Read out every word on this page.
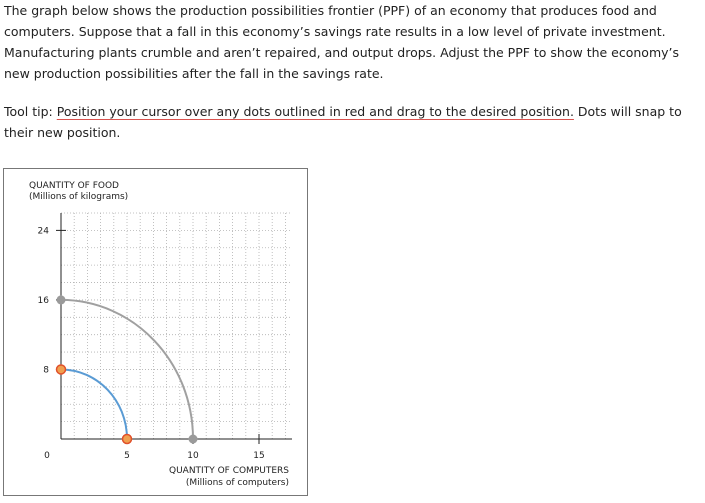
The graph below shows the production possibilities frontier (PPF) of an economy that produces food and computers. Suppose that a fall in this economy’s savings rate results in a low level of private investment. Manufacturing plants crumble and aren’t repaired, and output drops. Adjust the PPF to show the economy’s new production possibilities after the fall in the savings rate.

Tool tip: Position your cursor over any dots outlined in red and drag to the desired position. Dots will snap to their new position.

QUANTITY OF FOOD
(Millions of kilograms)
QUANTITY OF COMPUTERS
(Millions of computers)
0	5	10	15
8
16
24
